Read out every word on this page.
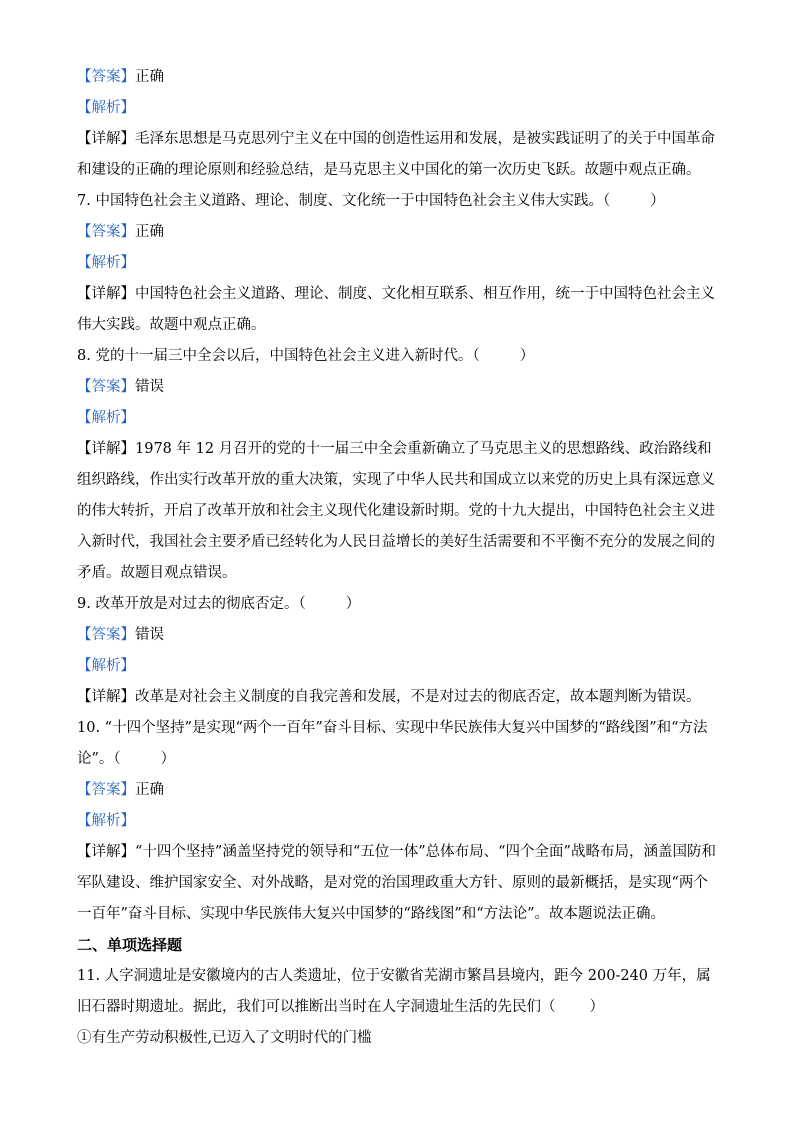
【答案】正确
【解析】
【详解】毛泽东思想是马克思列宁主义在中国的创造性运用和发展，是被实践证明了的关于中国革命和建设的正确的理论原则和经验总结，是马克思主义中国化的第一次历史飞跃。故题中观点正确。
7. 中国特色社会主义道路、理论、制度、文化统一于中国特色社会主义伟大实践。（	）
【答案】正确
【解析】
【详解】中国特色社会主义道路、理论、制度、文化相互联系、相互作用，统一于中国特色社会主义伟大实践。故题中观点正确。
8. 党的十一届三中全会以后，中国特色社会主义进入新时代。（	）
【答案】错误
【解析】
【详解】1978 年 12 月召开的党的十一届三中全会重新确立了马克思主义的思想路线、政治路线和组织路线，作出实行改革开放的重大决策，实现了中华人民共和国成立以来党的历史上具有深远意义的伟大转折，开启了改革开放和社会主义现代化建设新时期。党的十九大提出，中国特色社会主义进入新时代，我国社会主要矛盾已经转化为人民日益增长的美好生活需要和不平衡不充分的发展之间的矛盾。故题目观点错误。
9. 改革开放是对过去的彻底否定。（	）
【答案】错误
【解析】
【详解】改革是对社会主义制度的自我完善和发展，不是对过去的彻底否定，故本题判断为错误。
10. “十四个坚持”是实现“两个一百年”奋斗目标、实现中华民族伟大复兴中国梦的“路线图”和“方法论”。（	）
【答案】正确
【解析】
【详解】“十四个坚持”涵盖坚持党的领导和“五位一体”总体布局、“四个全面”战略布局，涵盖国防和军队建设、维护国家安全、对外战略，是对党的治国理政重大方针、原则的最新概括，是实现“两个一百年”奋斗目标、实现中华民族伟大复兴中国梦的“路线图”和“方法论”。故本题说法正确。
二、单项选择题
11. 人字洞遗址是安徽境内的古人类遗址，位于安徽省芜湖市繁昌县境内，距今 200-240 万年，属旧石器时期遗址。据此，我们可以推断出当时在人字洞遗址生活的先民们（ ）
①有生产劳动积极性,已迈入了文明时代的门槛
